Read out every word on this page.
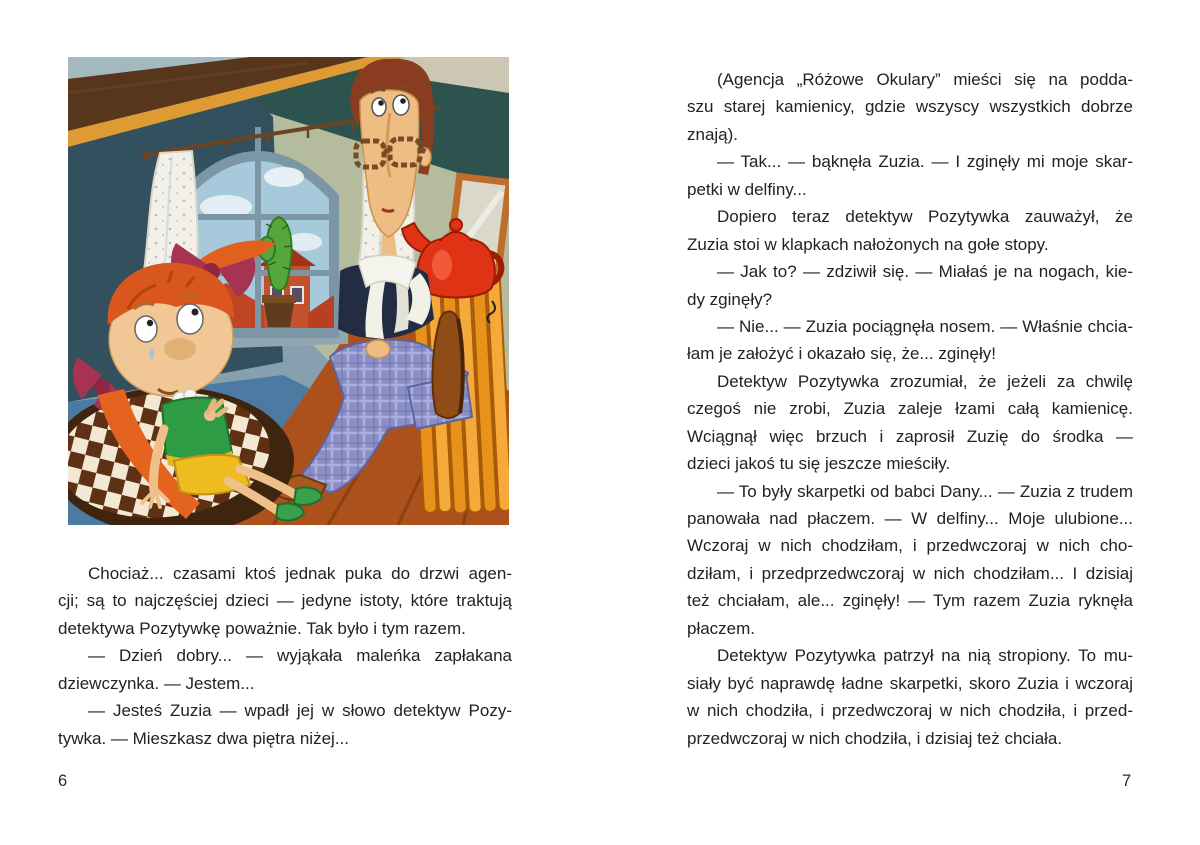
Chociaż... czasami ktoś jednak puka do drzwi agen-
cji; są to najczęściej dzieci — jedyne istoty, które traktują
detektywa Pozytywkę poważnie. Tak było i tym razem.
— Dzień dobry... — wyjąkała maleńka zapłakana
dziewczynka. — Jestem...
— Jesteś Zuzia — wpadł jej w słowo detektyw Pozy-
tywka. — Mieszkasz dwa piętra niżej...
(Agencja „Różowe Okulary” mieści się na podda-
szu starej kamienicy, gdzie wszyscy wszystkich dobrze
znają).
— Tak... — bąknęła Zuzia. — I zginęły mi moje skar-
petki w delfiny...
Dopiero teraz detektyw Pozytywka zauważył, że
Zuzia stoi w klapkach nałożonych na gołe stopy.
— Jak to? — zdziwił się. — Miałaś je na nogach, kie-
dy zginęły?
— Nie... — Zuzia pociągnęła nosem. — Właśnie chcia-
łam je założyć i okazało się, że... zginęły!
Detektyw Pozytywka zrozumiał, że jeżeli za chwilę
czegoś nie zrobi, Zuzia zaleje łzami całą kamienicę.
Wciągnął więc brzuch i zaprosił Zuzię do środka —
dzieci jakoś tu się jeszcze mieściły.
— To były skarpetki od babci Dany... — Zuzia z trudem
panowała nad płaczem. — W delfiny... Moje ulubione...
Wczoraj w nich chodziłam, i przedwczoraj w nich cho-
dziłam, i przedprzedwczoraj w nich chodziłam... I dzisiaj
też chciałam, ale... zginęły! — Tym razem Zuzia ryknęła
płaczem.
Detektyw Pozytywka patrzył na nią stropiony. To mu-
siały być naprawdę ładne skarpetki, skoro Zuzia i wczoraj
w nich chodziła, i przedwczoraj w nich chodziła, i przed-
przedwczoraj w nich chodziła, i dzisiaj też chciała.
6	7
